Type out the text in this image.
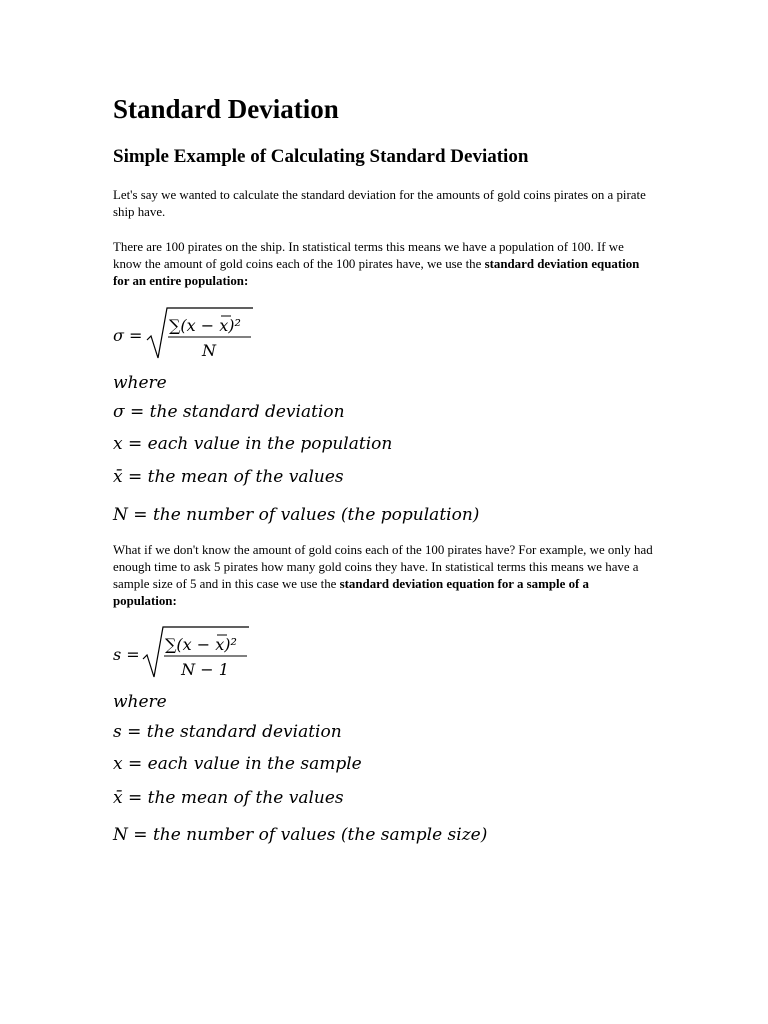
Standard Deviation
Simple Example of Calculating Standard Deviation

Let's say we wanted to calculate the standard deviation for the amounts of gold coins pirates on a pirate ship have.

There are 100 pirates on the ship. In statistical terms this means we have a population of 100. If we know the amount of gold coins each of the 100 pirates have, we use the standard deviation equation for an entire population:

σ =
∑(x − x)²
N
where
σ = the standard deviation
x = each value in the population
x̄ = the mean of the values
N = the number of values (the population)

What if we don't know the amount of gold coins each of the 100 pirates have? For example, we only had enough time to ask 5 pirates how many gold coins they have. In statistical terms this means we have a sample size of 5 and in this case we use the standard deviation equation for a sample of a population:

s =
∑(x − x)²
N − 1
where
s = the standard deviation
x = each value in the sample
x̄ = the mean of the values
N = the number of values (the sample size)
